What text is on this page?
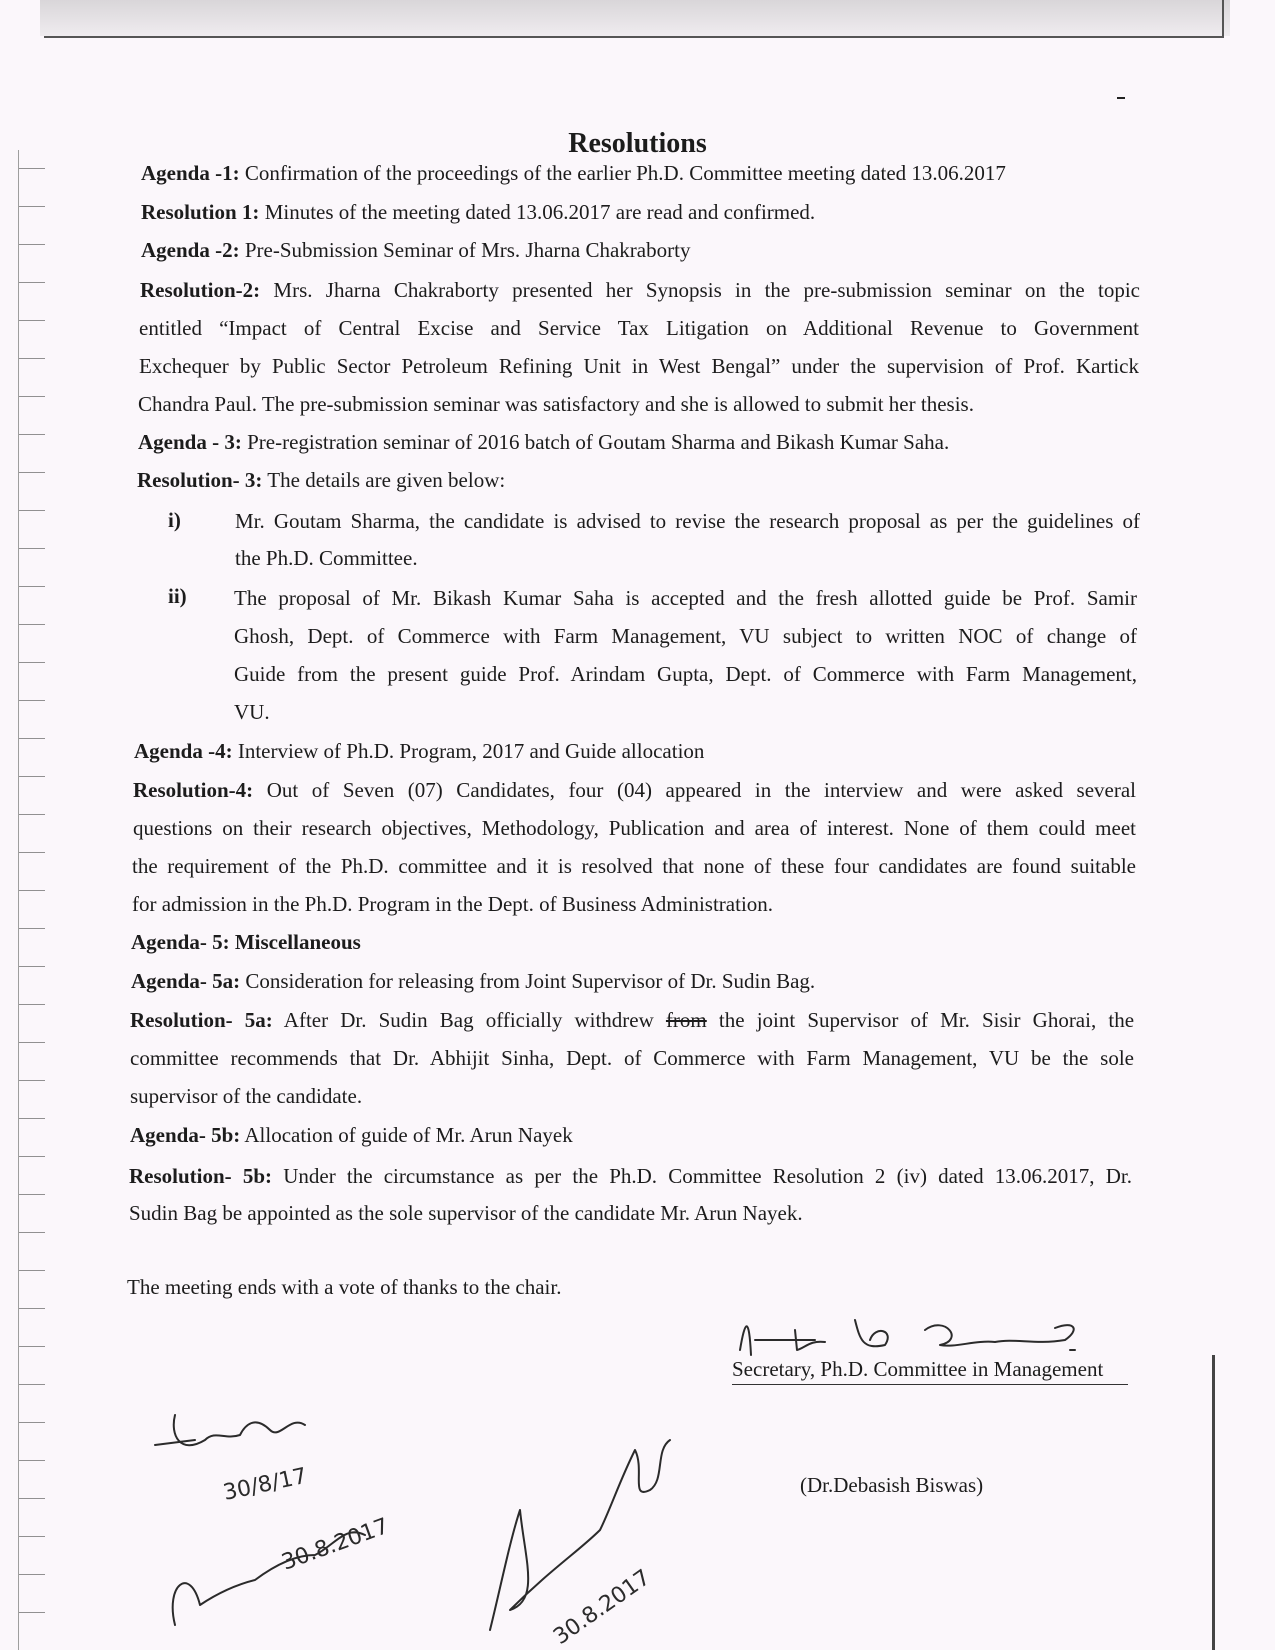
Resolutions

Agenda -1: Confirmation of the proceedings of the earlier Ph.D. Committee meeting dated 13.06.2017

Resolution 1: Minutes of the meeting dated 13.06.2017 are read and confirmed.

Agenda -2: Pre-Submission Seminar of Mrs. Jharna Chakraborty

Resolution-2: Mrs. Jharna Chakraborty presented her Synopsis in the pre-submission seminar on the topic

entitled “Impact of Central Excise and Service Tax Litigation on Additional Revenue to Government

Exchequer by Public Sector Petroleum Refining Unit in West Bengal” under the supervision of Prof. Kartick

Chandra Paul. The pre-submission seminar was satisfactory and she is allowed to submit her thesis.

Agenda - 3: Pre-registration seminar of 2016 batch of Goutam Sharma and Bikash Kumar Saha.

Resolution- 3: The details are given below:

i)	Mr. Goutam Sharma, the candidate is advised to revise the research proposal as per the guidelines of

the Ph.D. Committee.

ii) The proposal of Mr. Bikash Kumar Saha is accepted and the fresh allotted guide be Prof. Samir

Ghosh, Dept. of Commerce with Farm Management, VU subject to written NOC of change of

Guide from the present guide Prof. Arindam Gupta, Dept. of Commerce with Farm Management,

VU.

Agenda -4: Interview of Ph.D. Program, 2017 and Guide allocation

Resolution-4: Out of Seven (07) Candidates, four (04) appeared in the interview and were asked several

questions on their research objectives, Methodology, Publication and area of interest. None of them could meet

the requirement of the Ph.D. committee and it is resolved that none of these four candidates are found suitable

for admission in the Ph.D. Program in the Dept. of Business Administration.

Agenda- 5: Miscellaneous

Agenda- 5a: Consideration for releasing from Joint Supervisor of Dr. Sudin Bag.

Resolution- 5a: After Dr. Sudin Bag officially withdrew from the joint Supervisor of Mr. Sisir Ghorai, the

committee recommends that Dr. Abhijit Sinha, Dept. of Commerce with Farm Management, VU be the sole

supervisor of the candidate.

Agenda- 5b: Allocation of guide of Mr. Arun Nayek

Resolution- 5b: Under the circumstance as per the Ph.D. Committee Resolution 2 (iv) dated 13.06.2017, Dr.

Sudin Bag be appointed as the sole supervisor of the candidate Mr. Arun Nayek.

The meeting ends with a vote of thanks to the chair.

Secretary, Ph.D. Committee in Management
(Dr.Debasish Biswas)
30/8/17
30.8.2017
30.8.2017
